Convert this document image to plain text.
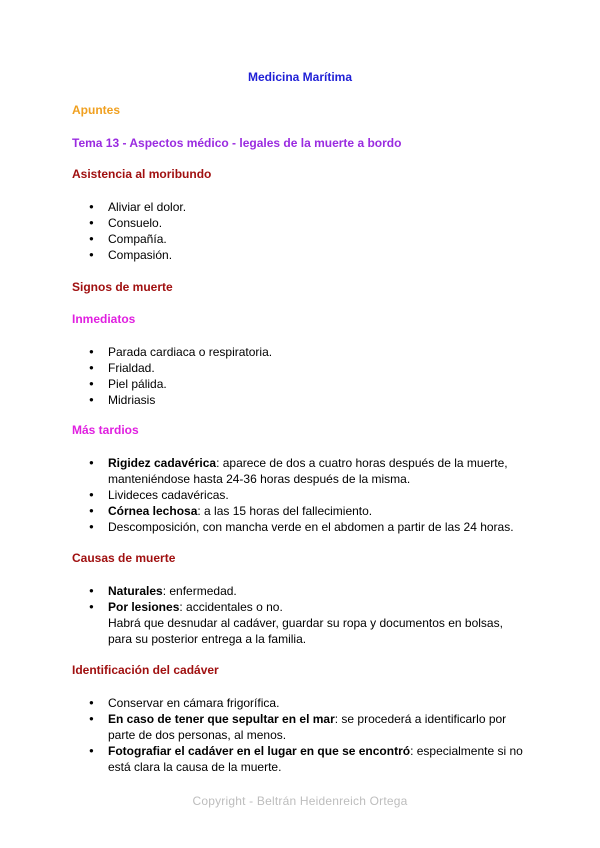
Medicina Marítima
Apuntes
Tema 13 - Aspectos médico - legales de la muerte a bordo
Asistencia al moribundo
● Aliviar el dolor.
● Consuelo.
● Compañía.
● Compasión.
Signos de muerte
Inmediatos
● Parada cardiaca o respiratoria.
● Frialdad.
● Piel pálida.
● Midriasis
Más tardios
● Rigidez cadavérica: aparece de dos a cuatro horas después de la muerte, manteniéndose hasta 24-36 horas después de la misma.
● Livideces cadavéricas.
● Córnea lechosa: a las 15 horas del fallecimiento.
● Descomposición, con mancha verde en el abdomen a partir de las 24 horas.
Causas de muerte
● Naturales: enfermedad.
● Por lesiones: accidentales o no.
Habrá que desnudar al cadáver, guardar su ropa y documentos en bolsas, para su posterior entrega a la familia.
Identificación del cadáver
● Conservar en cámara frigorífica.
● En caso de tener que sepultar en el mar: se procederá a identificarlo por parte de dos personas, al menos.
● Fotografiar el cadáver en el lugar en que se encontró: especialmente si no está clara la causa de la muerte.
Copyright - Beltrán Heidenreich Ortega
